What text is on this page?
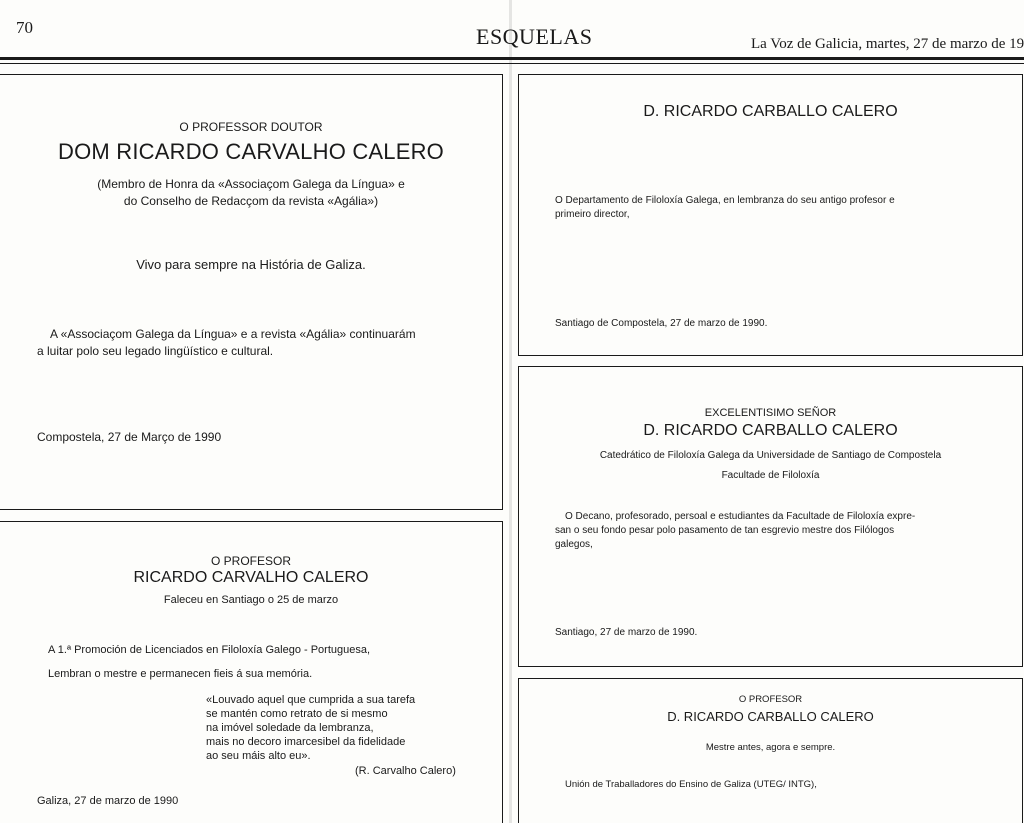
70	ESQUELAS	La Voz de Galicia, martes, 27 de marzo de 19
O PROFESSOR DOUTOR
DOM RICARDO CARVALHO CALERO
(Membro de Honra da «Associaçom Galega da Língua» e
do Conselho de Redacçom da revista «Agália»)
Vivo para sempre na História de Galiza.
A «Associaçom Galega da Língua» e a revista «Agália» continuarám
a luitar polo seu legado lingüístico e cultural.
Compostela, 27 de Março de 1990
O PROFESOR
RICARDO CARVALHO CALERO
Faleceu en Santiago o 25 de marzo
A 1.ª Promoción de Licenciados en Filoloxía Galego - Portuguesa,
Lembran o mestre e permanecen fieis á sua memória.
«Louvado aquel que cumprida a sua tarefa
se mantén como retrato de si mesmo
na imóvel soledade da lembranza,
mais no decoro imarcesibel da fidelidade
ao seu máis alto eu».
(R. Carvalho Calero)
Galiza, 27 de marzo de 1990
D. RICARDO CARBALLO CALERO
O Departamento de Filoloxía Galega, en lembranza do seu antigo profesor e
primeiro director,
Santiago de Compostela, 27 de marzo de 1990.
EXCELENTISIMO SEÑOR
D. RICARDO CARBALLO CALERO
Catedrático de Filoloxía Galega da Universidade de Santiago de Compostela
Facultade de Filoloxía
O Decano, profesorado, persoal e estudiantes da Facultade de Filoloxía expre-
san o seu fondo pesar polo pasamento de tan esgrevio mestre dos Filólogos
galegos,
Santiago, 27 de marzo de 1990.
O PROFESOR
D. RICARDO CARBALLO CALERO
Mestre antes, agora e sempre.
Unión de Traballadores do Ensino de Galiza (UTEG/ INTG),
